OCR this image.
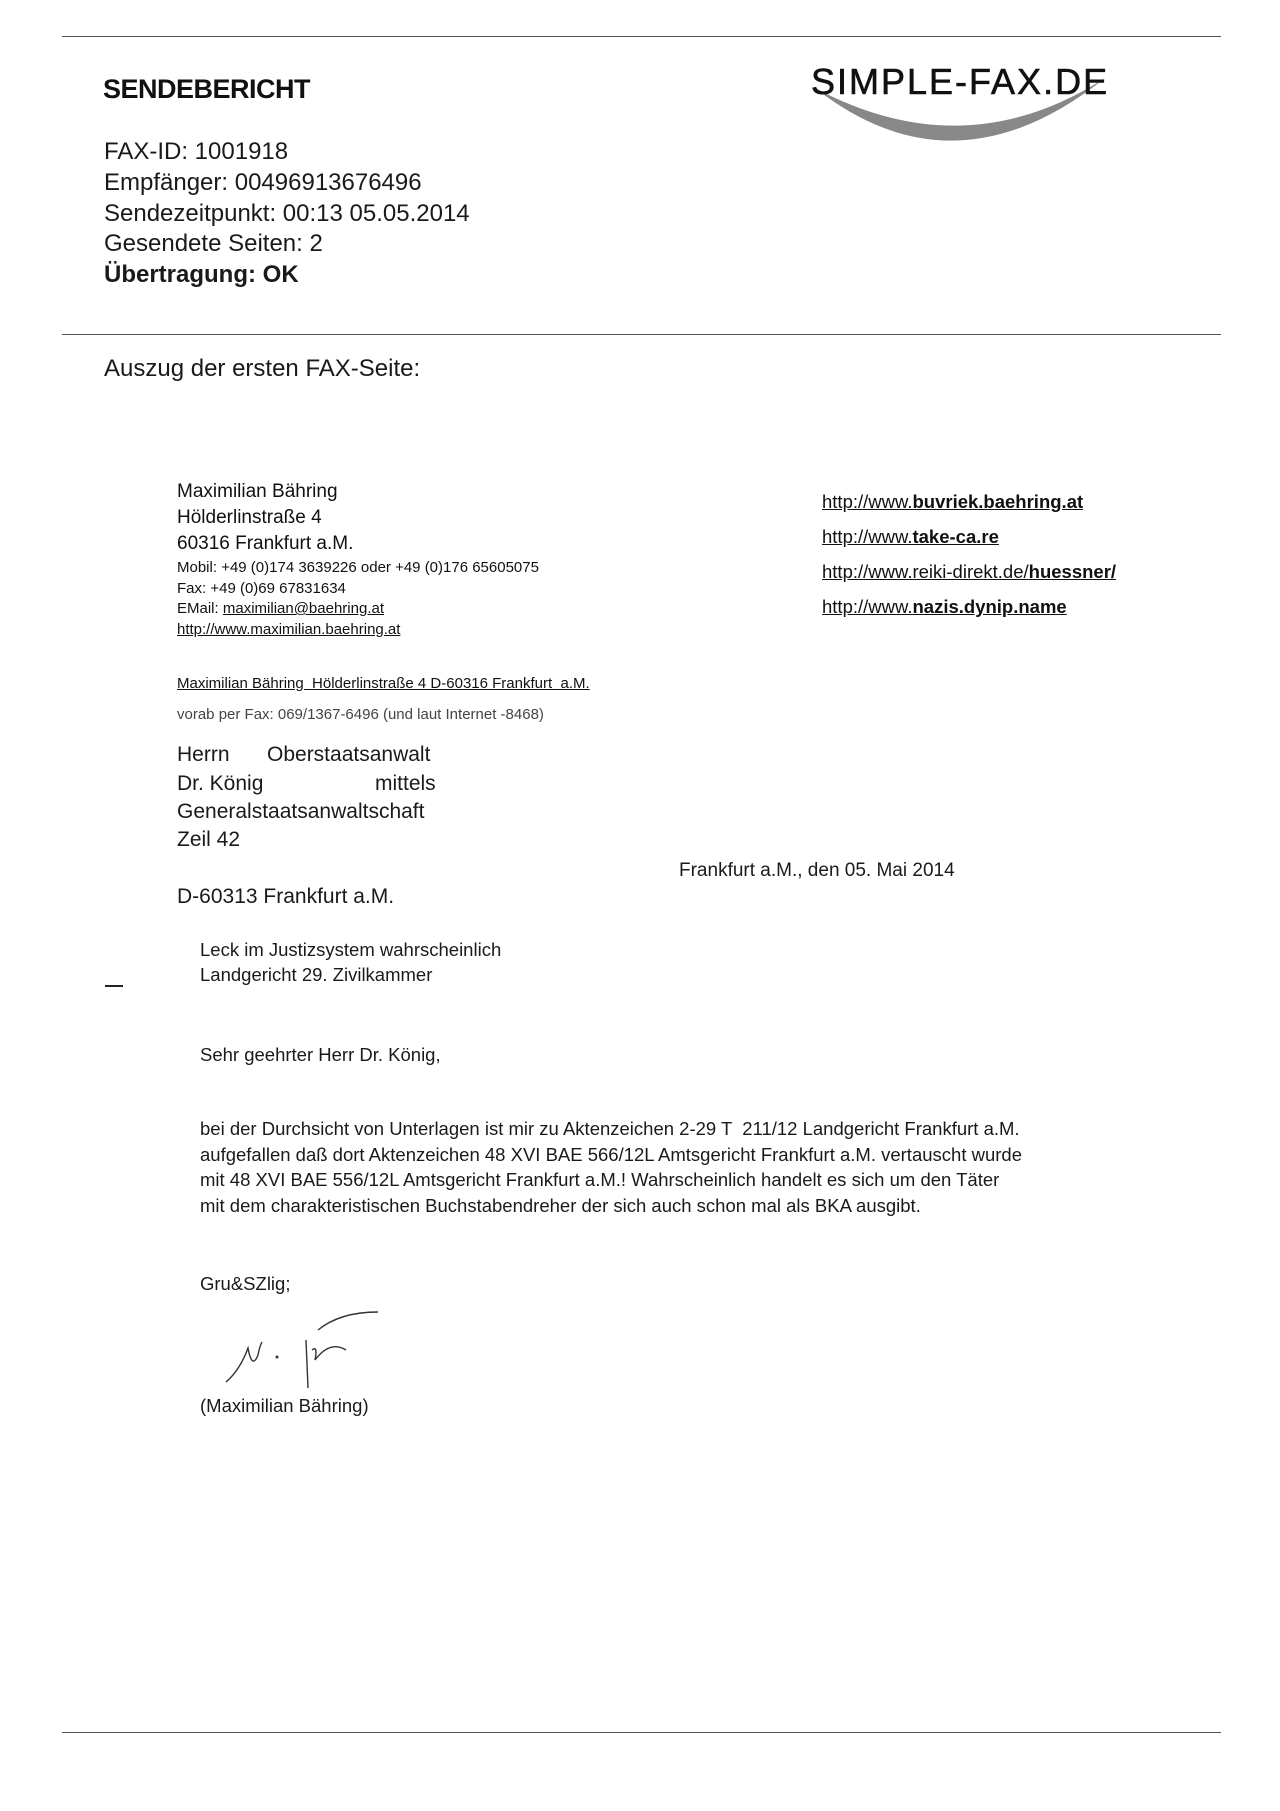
SENDEBERICHT	SIMPLE-FAX.DE
FAX-ID: 1001918
Empfänger: 00496913676496
Sendezeitpunkt: 00:13 05.05.2014
Gesendete Seiten: 2
Übertragung: OK
Auszug der ersten FAX-Seite:
Maximilian Bähring
Hölderlinstraße 4
60316 Frankfurt a.M.
Mobil: +49 (0)174 3639226 oder +49 (0)176 65605075
Fax: +49 (0)69 67831634
EMail: maximilian@baehring.at
http://www.maximilian.baehring.at
http://www.buvriek.baehring.at
http://www.take-ca.re
http://www.reiki-direkt.de/huessner/
http://www.nazis.dynip.name
Maximilian Bähring  Hölderlinstraße 4 D-60316 Frankfurt  a.M.
vorab per Fax: 069/1367-6496 (und laut Internet -8468)
Herrn Oberstaatsanwalt
Dr. König	mittels
Generalstaatsanwaltschaft
Zeil 42
Frankfurt a.M., den 05. Mai 2014
D-60313 Frankfurt a.M.
Leck im Justizsystem wahrscheinlich
Landgericht 29. Zivilkammer
Sehr geehrter Herr Dr. König,
bei der Durchsicht von Unterlagen ist mir zu Aktenzeichen 2-29 T  211/12 Landgericht Frankfurt a.M.
aufgefallen daß dort Aktenzeichen 48 XVI BAE 566/12L Amtsgericht Frankfurt a.M. vertauscht wurde
mit 48 XVI BAE 556/12L Amtsgericht Frankfurt a.M.! Wahrscheinlich handelt es sich um den Täter
mit dem charakteristischen Buchstabendreher der sich auch schon mal als BKA ausgibt.
Gru&SZlig;
(Maximilian Bähring)
